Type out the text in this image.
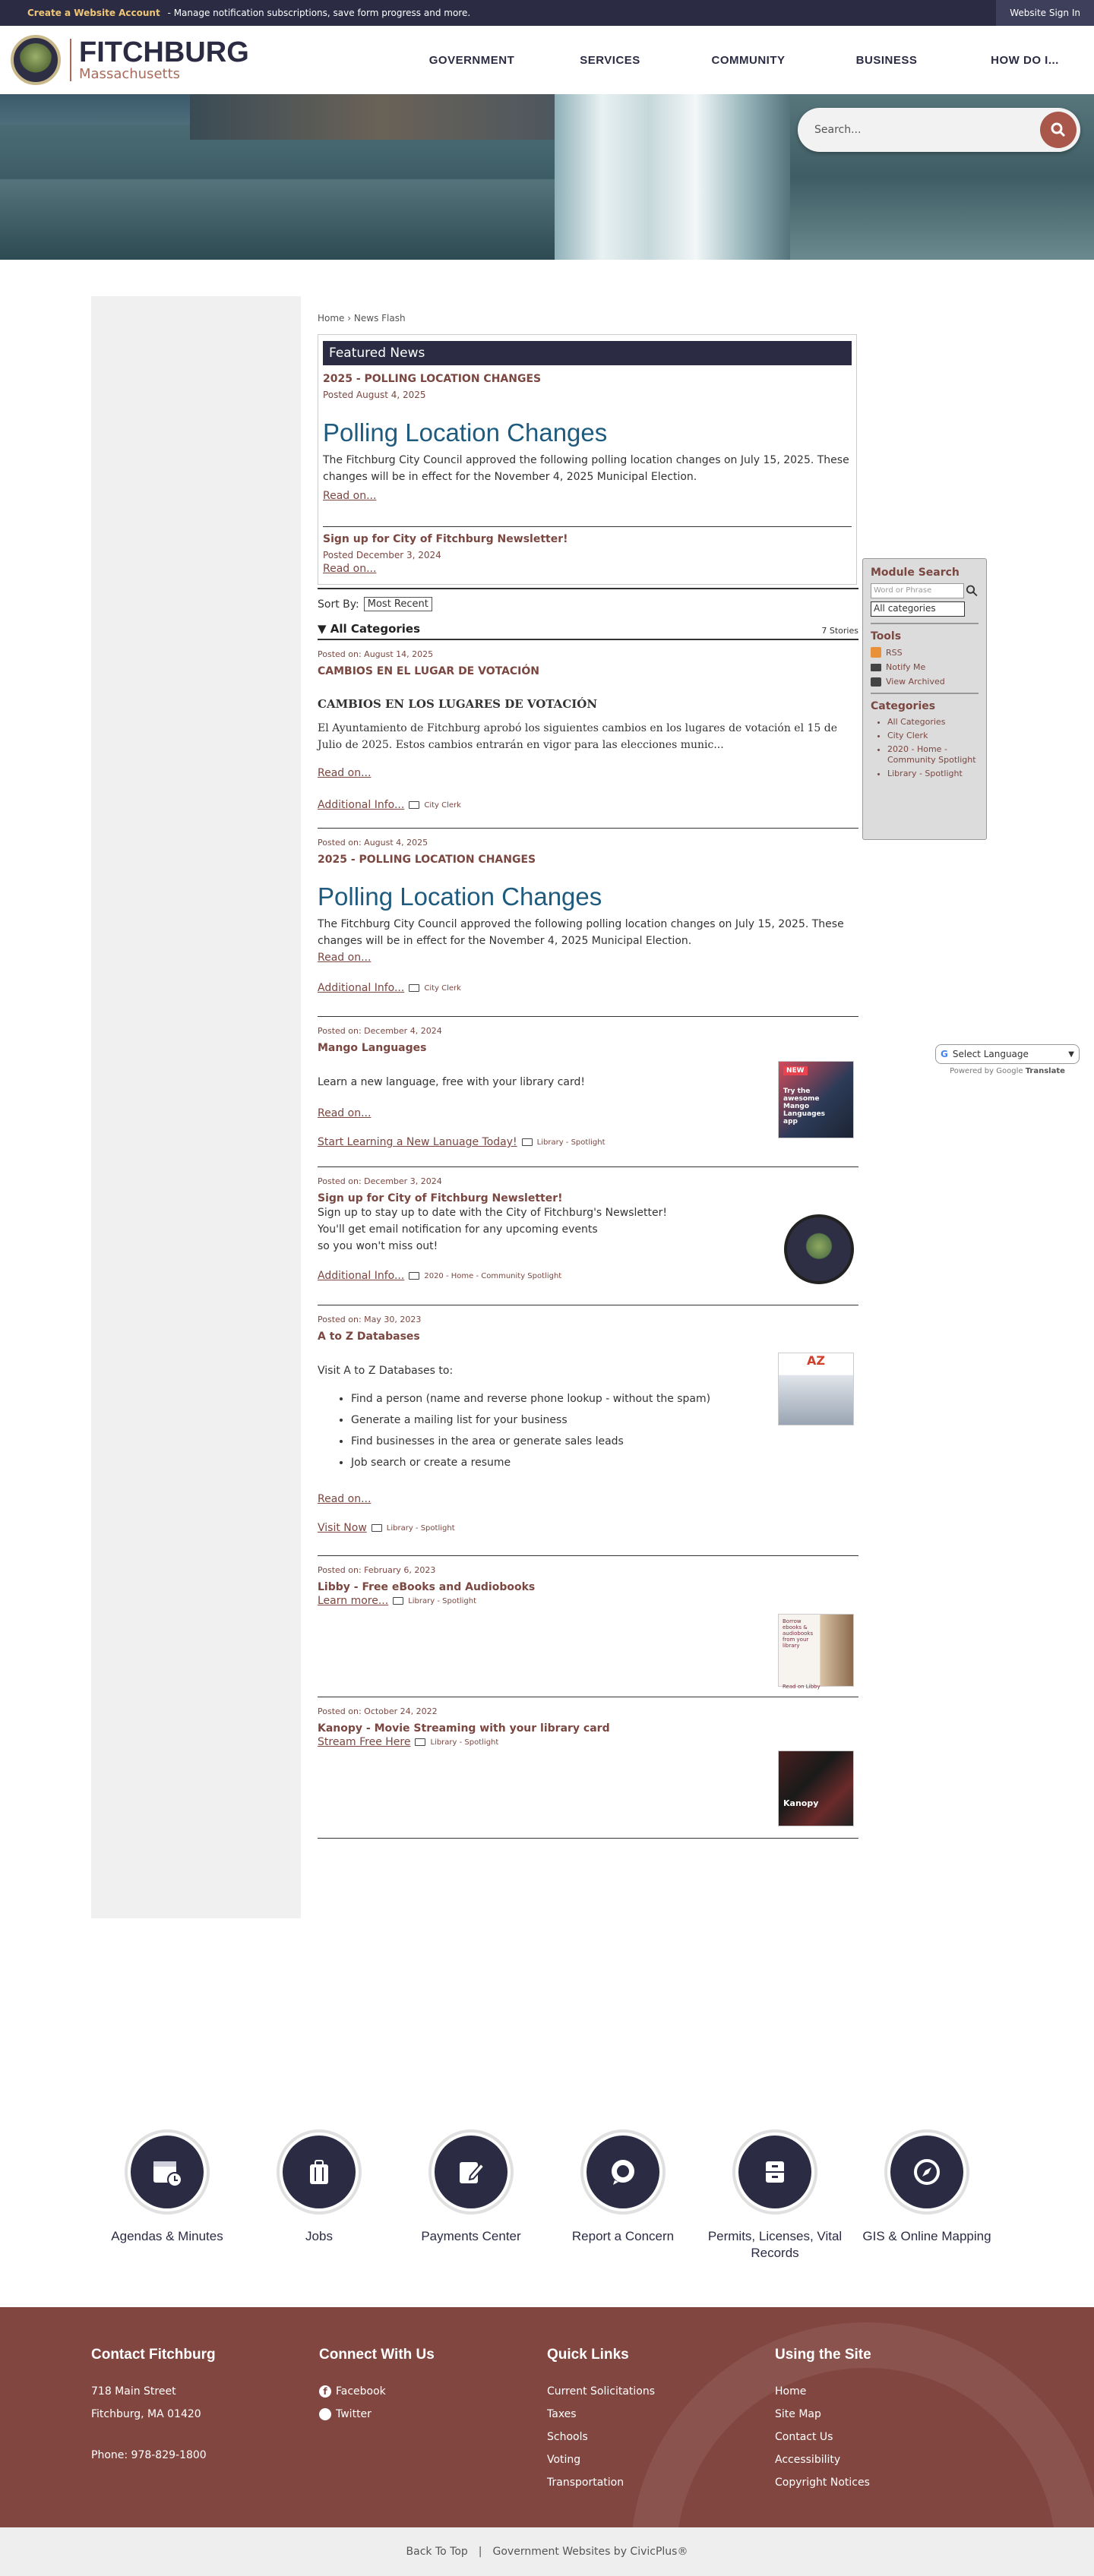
Create a Website Account - Manage notification subscriptions, save form progress and more.	Website Sign In
FITCHBURG
Massachusetts
GOVERNMENT	SERVICES	COMMUNITY	BUSINESS	HOW DO I...
Search...
Home › News Flash
Featured News
2025 - POLLING LOCATION CHANGES
Posted August 4, 2025
Polling Location Changes
The Fitchburg City Council approved the following polling location changes on July 15, 2025. These changes will be in effect for the November 4, 2025 Municipal Election.
Read on...
Sign up for City of Fitchburg Newsletter!
Posted December 3, 2024
Read on...
Sort By: Most Recent
▼ All Categories	7 Stories
Posted on: August 14, 2025
CAMBIOS EN EL LUGAR DE VOTACIÓN
CAMBIOS EN LOS LUGARES DE VOTACIÓN
El Ayuntamiento de Fitchburg aprobó los siguientes cambios en los lugares de votación el 15 de Julio de 2025. Estos cambios entrarán en vigor para las elecciones munic...
Read on...
Additional Info...	City Clerk
Posted on: August 4, 2025
2025 - POLLING LOCATION CHANGES
Polling Location Changes
The Fitchburg City Council approved the following polling location changes on July 15, 2025. These changes will be in effect for the November 4, 2025 Municipal Election.
Read on...
Additional Info...	City Clerk
Posted on: December 4, 2024
Mango Languages
Learn a new language, free with your library card!
Read on...
Start Learning a New Lanuage Today!	Library - Spotlight
NEW
Try the awesome Mango Languages app
Posted on: December 3, 2024
Sign up for City of Fitchburg Newsletter!
Sign up to stay up to date with the City of Fitchburg's Newsletter!
You'll get email notification for any upcoming events
so you won't miss out!
Additional Info...	2020 - Home - Community Spotlight
Posted on: May 30, 2023
A to Z Databases
Visit A to Z Databases to:
• Find a person (name and reverse phone lookup - without the spam)
• Generate a mailing list for your business
• Find businesses in the area or generate sales leads
• Job search or create a resume
Read on...
Visit Now	Library - Spotlight
AZ
Posted on: February 6, 2023
Libby - Free eBooks and Audiobooks
Learn more...	Library - Spotlight
Borrow ebooks & audiobooks from your library
Read on Libby
Posted on: October 24, 2022
Kanopy - Movie Streaming with your library card
Stream Free Here	Library - Spotlight
Kanopy
Module Search
Word or Phrase
All categories
Tools
RSS
Notify Me
View Archived
Categories
• All Categories
• City Clerk
• 2020 - Home - Community Spotlight
• Library - Spotlight
G Select Language	▼
Powered by Google Translate
Agendas & Minutes	Jobs	Payments Center	Report a Concern	Permits, Licenses, Vital Records
GIS & Online Mapping
Contact Fitchburg
718 Main Street
Fitchburg, MA 01420
Phone: 978-829-1800
Connect With Us
f Facebook
Twitter
Quick Links
Current Solicitations
Taxes
Schools
Voting
Transportation
Using the Site
Home
Site Map
Contact Us
Accessibility
Copyright Notices
Back To Top | Government Websites by CivicPlus®
